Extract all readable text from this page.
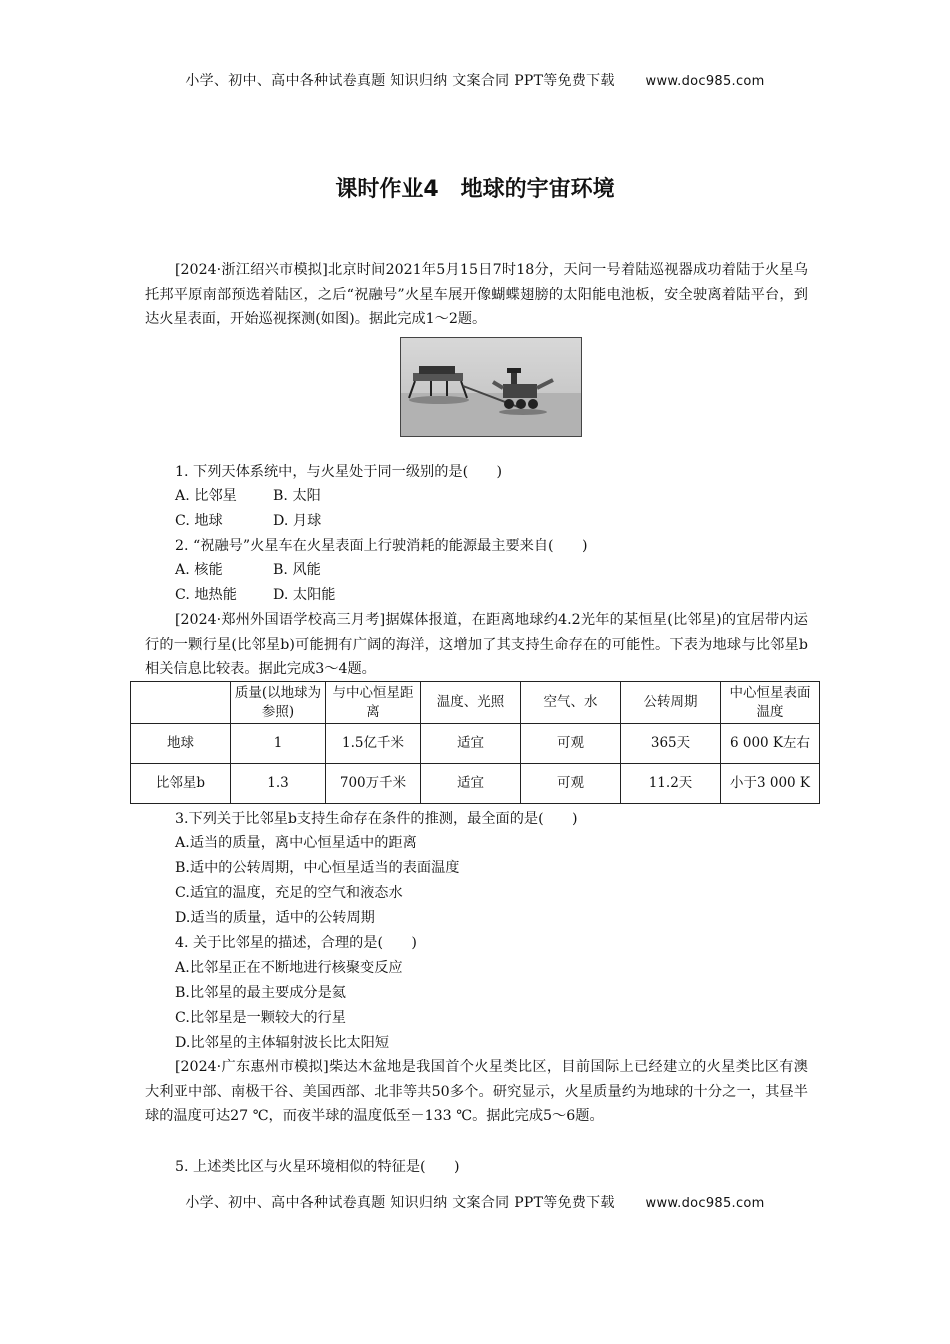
小学、初中、高中各种试卷真题 知识归纳 文案合同 PPT等免费下载 www.doc985.com
课时作业4　地球的宇宙环境

[2024·浙江绍兴市模拟]北京时间2021年5月15日7时18分，天问一号着陆巡视器成功着陆于火星乌托邦平原南部预选着陆区，之后“祝融号”火星车展开像蝴蝶翅膀的太阳能电池板，安全驶离着陆平台，到达火星表面，开始巡视探测(如图)。据此完成1～2题。

1. 下列天体系统中，与火星处于同一级别的是(　　)
A. 比邻星	B. 太阳
C. 地球	D. 月球
2. “祝融号”火星车在火星表面上行驶消耗的能源最主要来自(　　)
A. 核能	B. 风能
C. 地热能	D. 太阳能

[2024·郑州外国语学校高三月考]据媒体报道，在距离地球约4.2光年的某恒星(比邻星)的宜居带内运行的一颗行星(比邻星b)可能拥有广阔的海洋，这增加了其支持生命存在的可能性。下表为地球与比邻星b相关信息比较表。据此完成3～4题。

	质量(以地球为参照)	与中心恒星距离	温度、光照	空气、水	公转周期	中心恒星表面温度
地球	1	1.5亿千米	适宜	可观	365天	6 000 K左右
比邻星b	1.3	700万千米	适宜	可观	11.2天	小于3 000 K
3.下列关于比邻星b支持生命存在条件的推测，最全面的是(　　)
A.适当的质量，离中心恒星适中的距离
B.适中的公转周期，中心恒星适当的表面温度
C.适宜的温度，充足的空气和液态水
D.适当的质量，适中的公转周期
4. 关于比邻星的描述，合理的是(　　)
A.比邻星正在不断地进行核聚变反应
B.比邻星的最主要成分是氦
C.比邻星是一颗较大的行星
D.比邻星的主体辐射波长比太阳短

[2024·广东惠州市模拟]柴达木盆地是我国首个火星类比区，目前国际上已经建立的火星类比区有澳大利亚中部、南极干谷、美国西部、北非等共50多个。研究显示，火星质量约为地球的十分之一，其昼半球的温度可达27 ℃，而夜半球的温度低至－133 ℃。据此完成5～6题。

5. 上述类比区与火星环境相似的特征是(　　)
小学、初中、高中各种试卷真题 知识归纳 文案合同 PPT等免费下载 www.doc985.com
